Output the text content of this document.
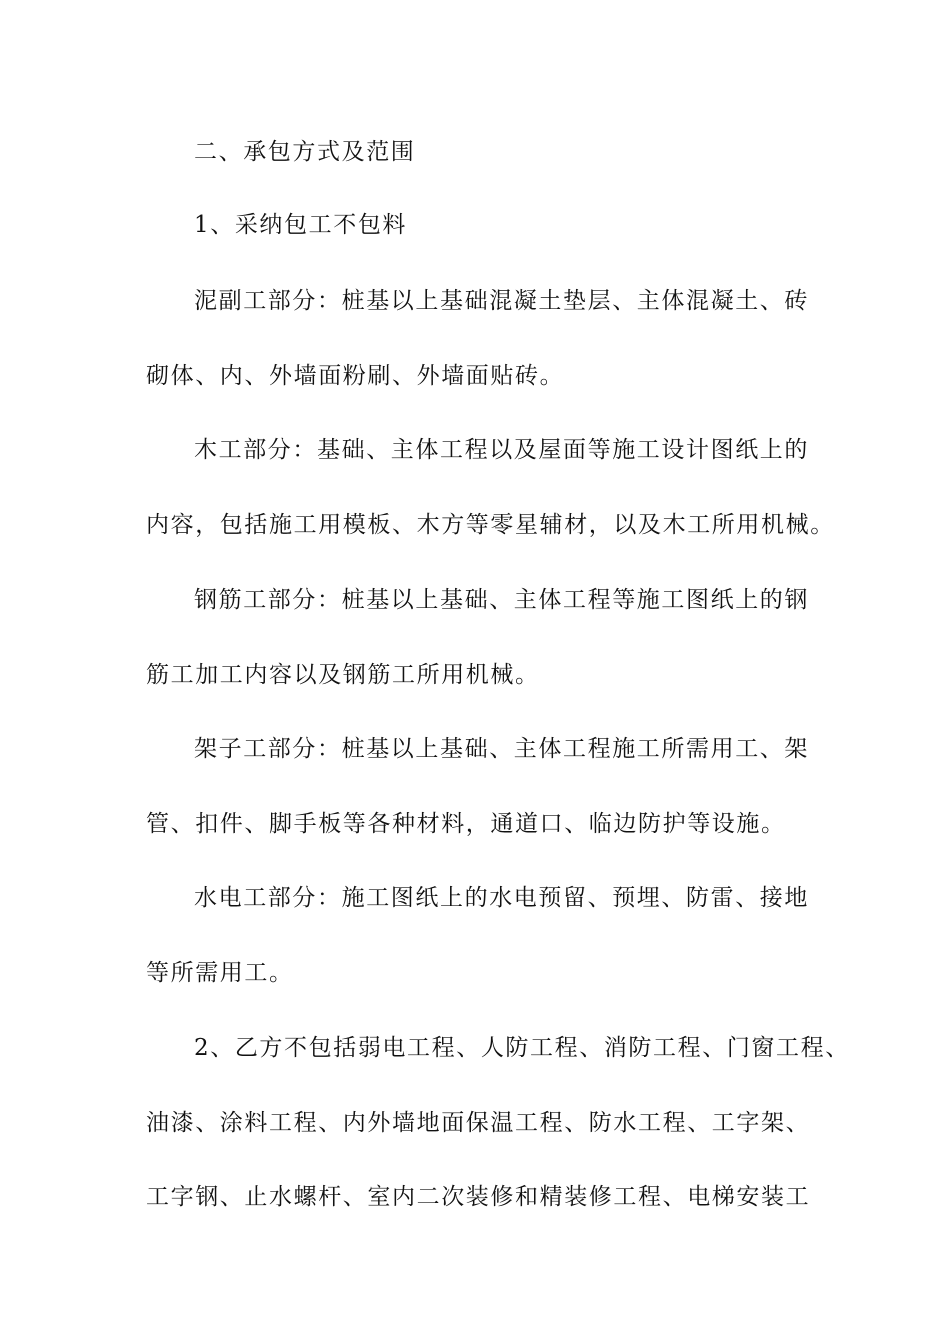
二、承包方式及范围
1、采纳包工不包料
泥副工部分：桩基以上基础混凝土垫层、主体混凝土、砖
砌体、内、外墙面粉刷、外墙面贴砖。
木工部分：基础、主体工程以及屋面等施工设计图纸上的
内容，包括施工用模板、木方等零星辅材，以及木工所用机械。
钢筋工部分：桩基以上基础、主体工程等施工图纸上的钢
筋工加工内容以及钢筋工所用机械。
架子工部分：桩基以上基础、主体工程施工所需用工、架
管、扣件、脚手板等各种材料，通道口、临边防护等设施。
水电工部分：施工图纸上的水电预留、预埋、防雷、接地
等所需用工。
2、乙方不包括弱电工程、人防工程、消防工程、门窗工程、
油漆、涂料工程、内外墙地面保温工程、防水工程、工字架、
工字钢、止水螺杆、室内二次装修和精装修工程、电梯安装工
